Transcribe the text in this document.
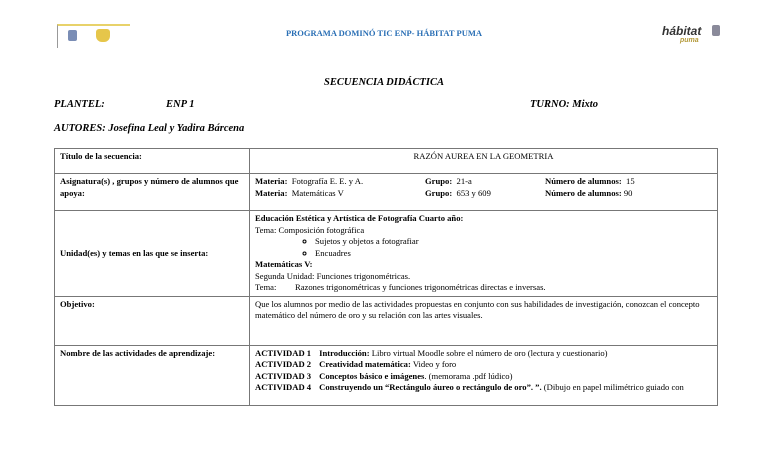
PROGRAMA DOMINÓ TIC ENP- HÁBITAT PUMA	hábitat
puma
SECUENCIA DIDÁCTICA
PLANTEL:	ENP 1	TURNO: Mixto
AUTORES: Josefina Leal y Yadira Bárcena
Título de la secuencia:	RAZÓN AUREA EN LA GEOMETRIA
Asignatura(s) , grupos y número de alumnos que apoya:	
Materia: Fotografía E. E. y A.	Grupo: 21-a	Número de alumnos: 15
Materia: Matemáticas V	Grupo: 653 y 609	Número de alumnos: 90

Unidad(es) y temas en las que se inserta:	
Educación Estética y Artística de Fotografía Cuarto año:
Tema: Composición fotográfica
◦ Sujetos y objetos a fotografiar
◦ Encuadres
Matemáticas V:
Segunda Unidad: Funciones trigonométricas.
Tema: Razones trigonométricas y funciones trigonométricas directas e inversas.

Objetivo:	Que los alumnos por medio de las actividades propuestas en conjunto con sus habilidades de investigación, conozcan el concepto matemático del número de oro y su relación con las artes visuales.
Nombre de las actividades de aprendizaje:		ACTIVIDAD 1	Introducción: Libro virtual Moodle sobre el número de oro (lectura y cuestionario)
ACTIVIDAD 2	Creatividad matemática: Video y foro
ACTIVIDAD 3	Conceptos básico e imágenes. (memorama .pdf lúdico)
ACTIVIDAD 4	Construyendo un “Rectángulo áureo o rectángulo de oro”. ”. (Dibujo en papel milimétrico guiado con
